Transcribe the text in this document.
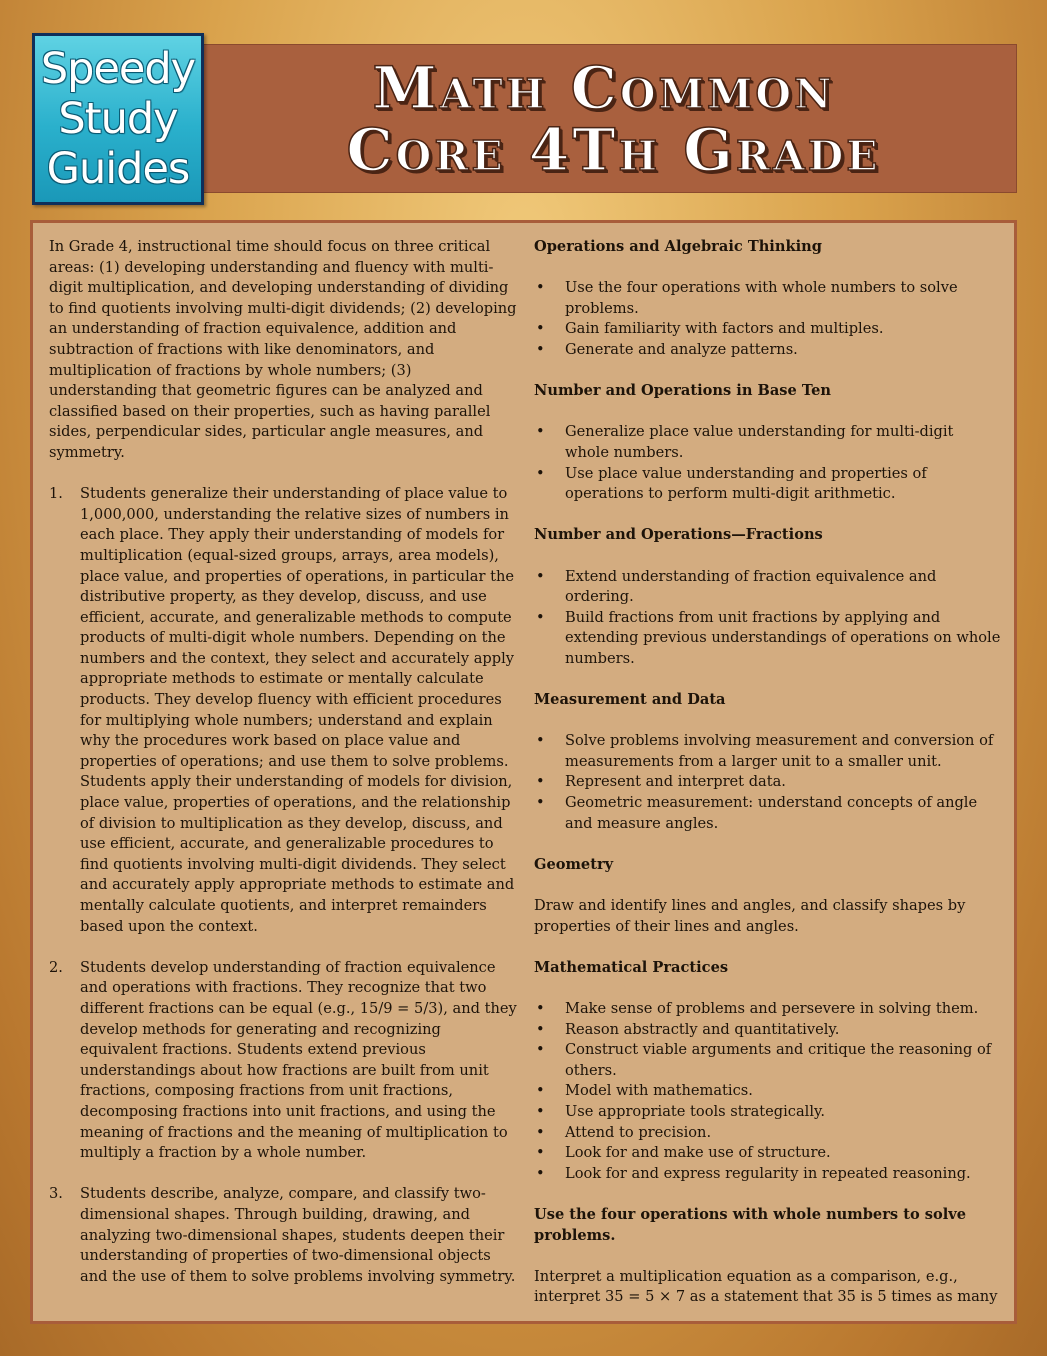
Speedy
Study
Guides
Math Common
Core 4Th Grade

In Grade 4, instructional time should focus on three critical areas: (1) developing understanding and fluency with multi-digit multiplication, and developing understanding of dividing to find quotients involving multi-digit dividends; (2) developing an understanding of fraction equivalence, addition and subtraction of fractions with like denominators, and multiplication of fractions by whole numbers; (3) understanding that geometric figures can be analyzed and classified based on their properties, such as having parallel sides, perpendicular sides, particular angle measures, and symmetry.

1. Students generalize their understanding of place value to 1,000,000, understanding the relative sizes of numbers in each place. They apply their understanding of models for multiplication (equal-sized groups, arrays, area models), place value, and properties of operations, in particular the distributive property, as they develop, discuss, and use efficient, accurate, and generalizable methods to compute products of multi-digit whole numbers. Depending on the numbers and the context, they select and accurately apply appropriate methods to estimate or mentally calculate products. They develop fluency with efficient procedures for multiplying whole numbers; understand and explain why the procedures work based on place value and properties of operations; and use them to solve problems. Students apply their understanding of models for division, place value, properties of operations, and the relationship of division to multiplication as they develop, discuss, and use efficient, accurate, and generalizable procedures to find quotients involving multi-digit dividends. They select and accurately apply appropriate methods to estimate and mentally calculate quotients, and interpret remainders based upon the context.

2. Students develop understanding of fraction equivalence and operations with fractions. They recognize that two different fractions can be equal (e.g., 15/9 = 5/3), and they develop methods for generating and recognizing equivalent fractions. Students extend previous understandings about how fractions are built from unit fractions, composing fractions from unit fractions, decomposing fractions into unit fractions, and using the meaning of fractions and the meaning of multiplication to multiply a fraction by a whole number.

3. Students describe, analyze, compare, and classify two-dimensional shapes. Through building, drawing, and analyzing two-dimensional shapes, students deepen their understanding of properties of two-dimensional objects and the use of them to solve problems involving symmetry.

Operations and Algebraic Thinking

• Use the four operations with whole numbers to solve problems.
• Gain familiarity with factors and multiples.
• Generate and analyze patterns.

Number and Operations in Base Ten

• Generalize place value understanding for multi-digit whole numbers.
• Use place value understanding and properties of operations to perform multi-digit arithmetic.

Number and Operations—Fractions

• Extend understanding of fraction equivalence and ordering.
• Build fractions from unit fractions by applying and extending previous understandings of operations on whole numbers.

Measurement and Data

• Solve problems involving measurement and conversion of measurements from a larger unit to a smaller unit.
• Represent and interpret data.
• Geometric measurement: understand concepts of angle and measure angles.

Geometry

Draw and identify lines and angles, and classify shapes by properties of their lines and angles.

Mathematical Practices

• Make sense of problems and persevere in solving them.
• Reason abstractly and quantitatively.
• Construct viable arguments and critique the reasoning of others.
• Model with mathematics.
• Use appropriate tools strategically.
• Attend to precision.
• Look for and make use of structure.
• Look for and express regularity in repeated reasoning.

Use the four operations with whole numbers to solve problems.

Interpret a multiplication equation as a comparison, e.g., interpret 35 = 5 × 7 as a statement that 35 is 5 times as many
